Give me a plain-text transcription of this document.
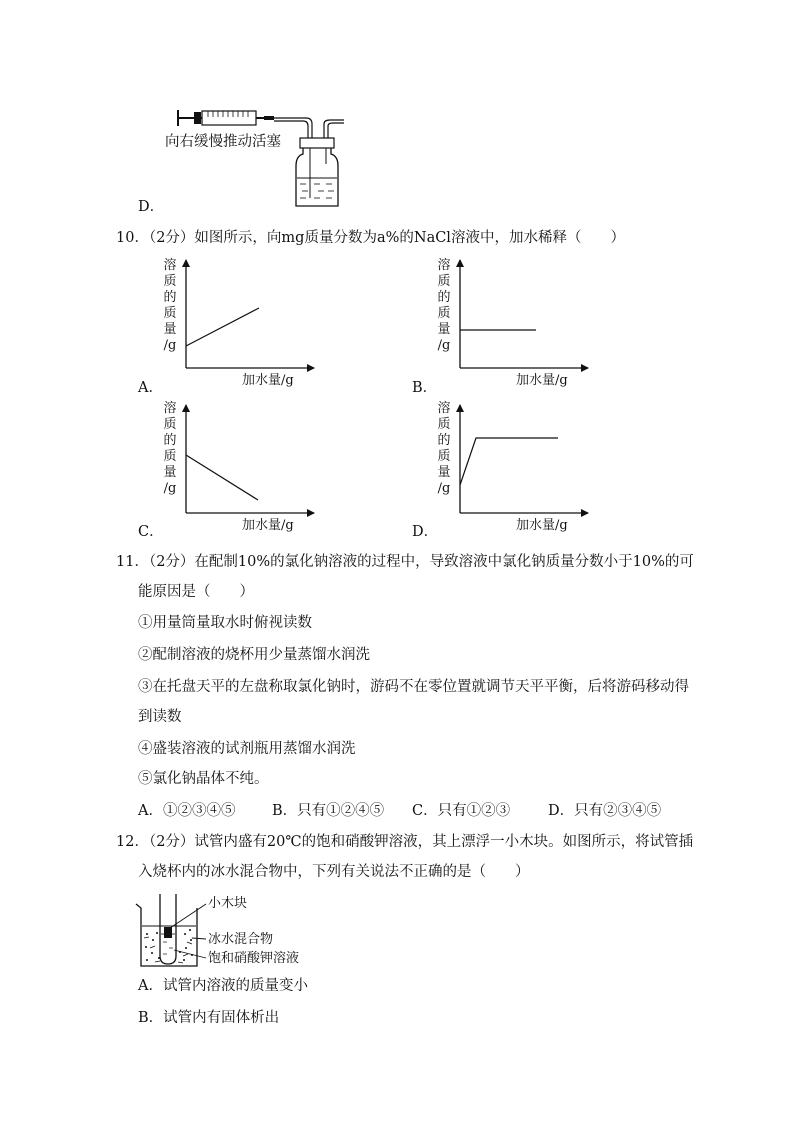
向右缓慢推动活塞
D．
10．（2分）如图所示，向mg质量分数为a%的NaCl溶液中，加水稀释（　　）
溶
质
的
质
量
/g
加水量/g
A．
溶
质
的
质
量
/g
加水量/g
B．
溶
质
的
质
量
/g
加水量/g
C．
溶
质
的
质
量
/g
加水量/g
D．
11．（2分）在配制10%的氯化钠溶液的过程中，导致溶液中氯化钠质量分数小于10%的可
能原因是（　　）
①用量筒量取水时俯视读数
②配制溶液的烧杯用少量蒸馏水润洗
③在托盘天平的左盘称取氯化钠时，游码不在零位置就调节天平平衡，后将游码移动得
到读数
④盛装溶液的试剂瓶用蒸馏水润洗
⑤氯化钠晶体不纯。
A．①②③④⑤	B．只有①②④⑤ C．只有①②③	D．只有②③④⑤
12．（2分）试管内盛有20℃的饱和硝酸钾溶液，其上漂浮一小木块。如图所示，将试管插
入烧杯内的冰水混合物中，下列有关说法不正确的是（　　）
小木块
冰水混合物
饱和硝酸钾溶液
A．试管内溶液的质量变小
B．试管内有固体析出
